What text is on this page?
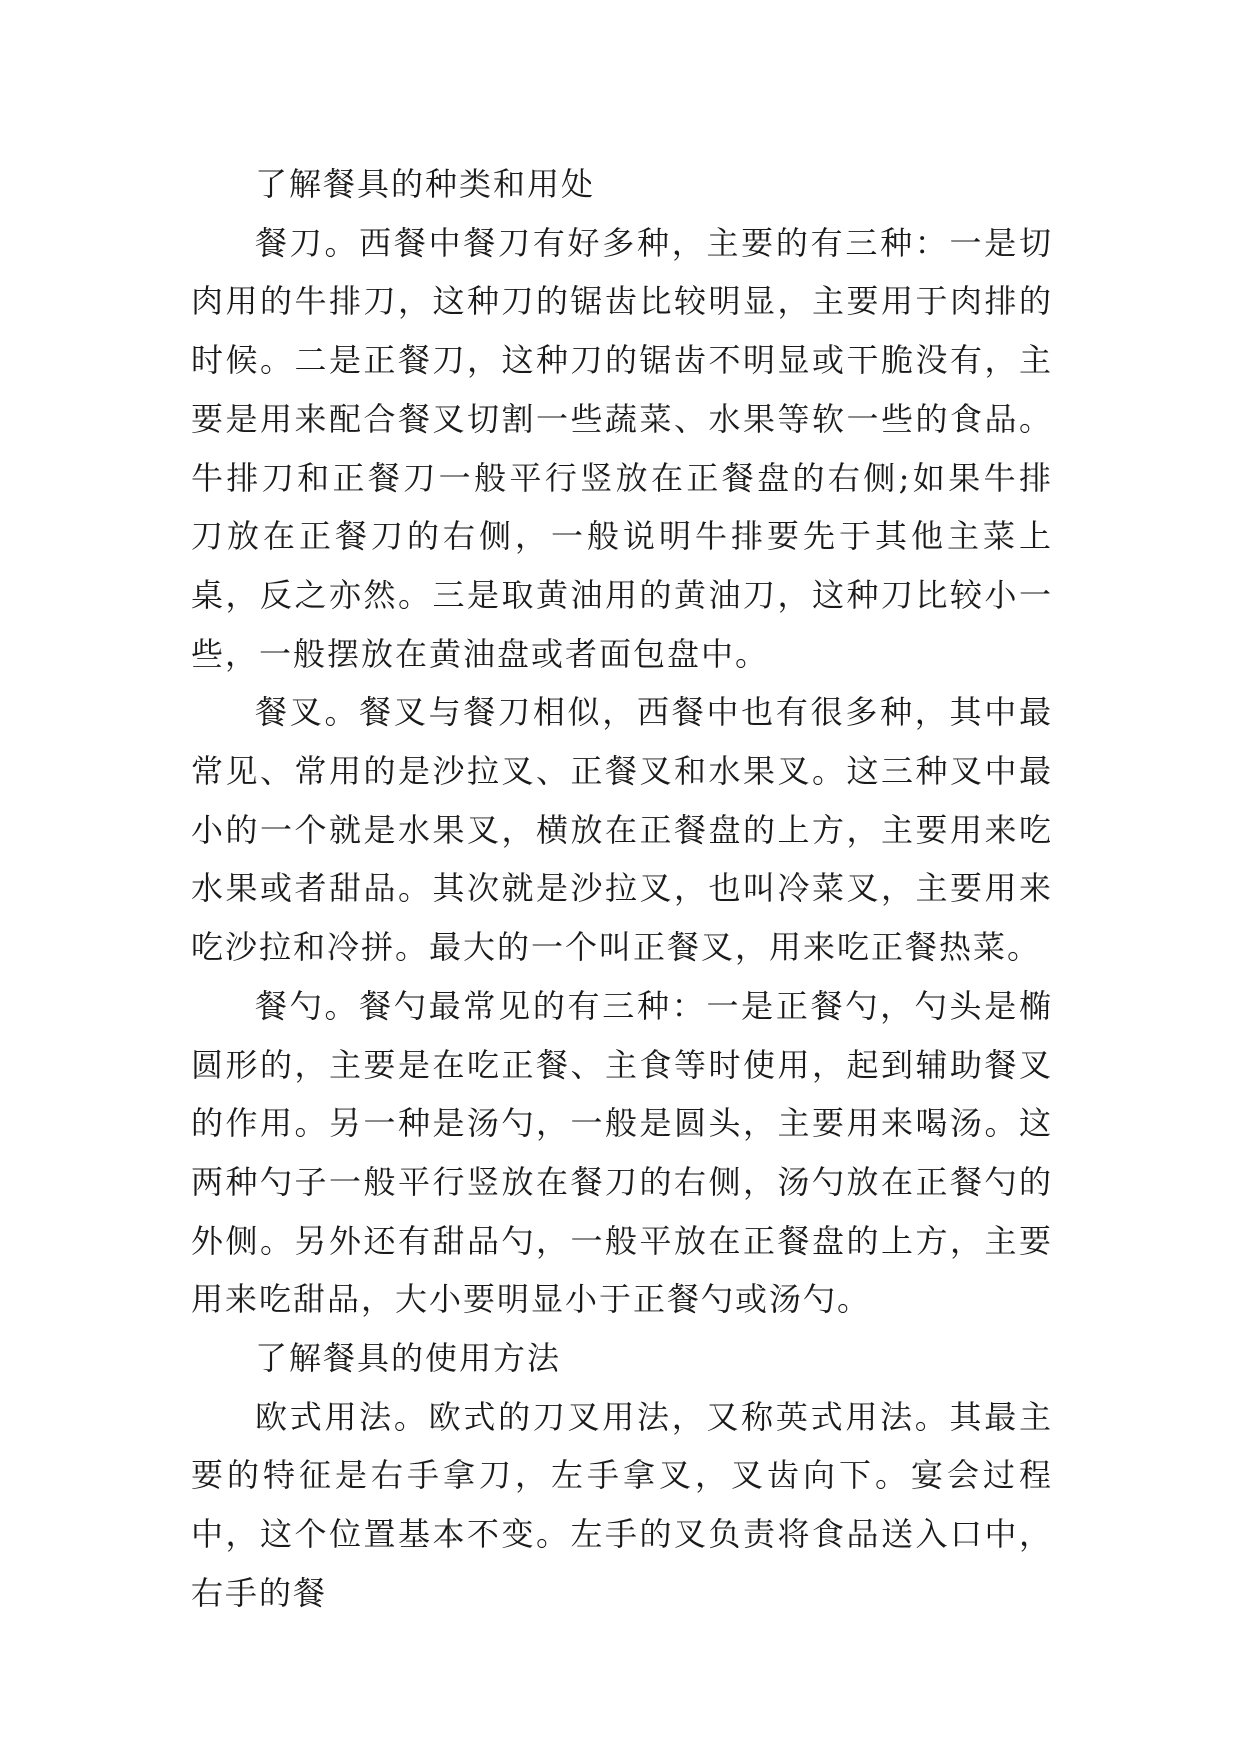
了解餐具的种类和用处

餐刀。西餐中餐刀有好多种，主要的有三种：一是切肉用的牛排刀，这种刀的锯齿比较明显，主要用于肉排的时候。二是正餐刀，这种刀的锯齿不明显或干脆没有，主要是用来配合餐叉切割一些蔬菜、水果等软一些的食品。牛排刀和正餐刀一般平行竖放在正餐盘的右侧;如果牛排刀放在正餐刀的右侧，一般说明牛排要先于其他主菜上桌，反之亦然。三是取黄油用的黄油刀，这种刀比较小一些，一般摆放在黄油盘或者面包盘中。

餐叉。餐叉与餐刀相似，西餐中也有很多种，其中最常见、常用的是沙拉叉、正餐叉和水果叉。这三种叉中最小的一个就是水果叉，横放在正餐盘的上方，主要用来吃水果或者甜品。其次就是沙拉叉，也叫冷菜叉，主要用来吃沙拉和冷拼。最大的一个叫正餐叉，用来吃正餐热菜。

餐勺。餐勺最常见的有三种：一是正餐勺，勺头是椭圆形的，主要是在吃正餐、主食等时使用，起到辅助餐叉的作用。另一种是汤勺，一般是圆头，主要用来喝汤。这两种勺子一般平行竖放在餐刀的右侧，汤勺放在正餐勺的外侧。另外还有甜品勺，一般平放在正餐盘的上方，主要用来吃甜品，大小要明显小于正餐勺或汤勺。

了解餐具的使用方法

欧式用法。欧式的刀叉用法，又称英式用法。其最主要的特征是右手拿刀，左手拿叉，叉齿向下。宴会过程中，这个位置基本不变。左手的叉负责将食品送入口中，右手的餐
